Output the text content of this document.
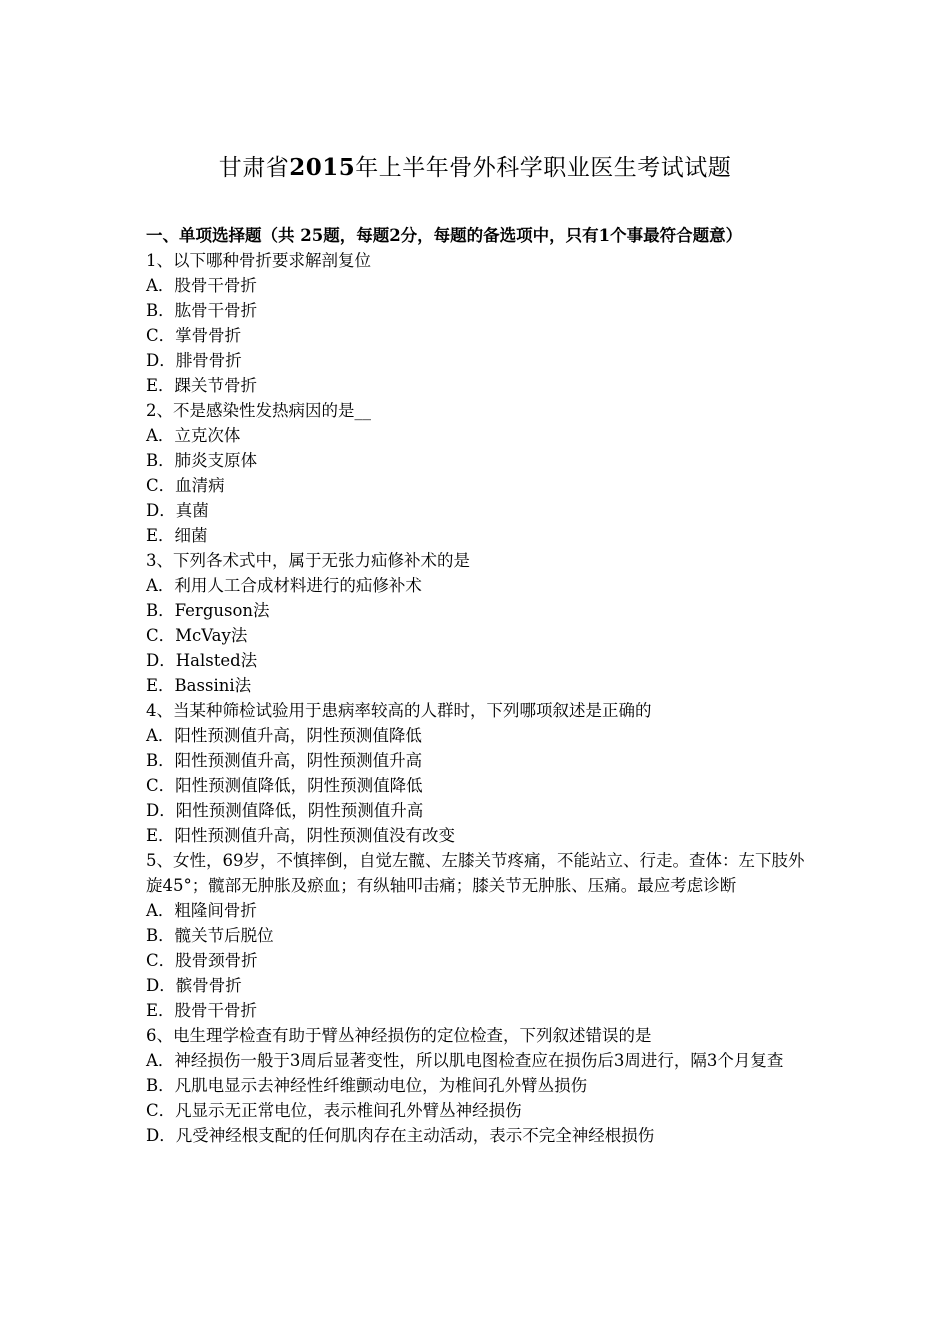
甘肃省2015年上半年骨外科学职业医生考试试题

一、单项选择题（共 25题，每题2分，每题的备选项中，只有1个事最符合题意）

1、以下哪种骨折要求解剖复位

A．股骨干骨折

B．肱骨干骨折

C．掌骨骨折

D．腓骨骨折

E．踝关节骨折

2、不是感染性发热病因的是__

A．立克次体

B．肺炎支原体

C．血清病

D．真菌

E．细菌

3、下列各术式中，属于无张力疝修补术的是

A．利用人工合成材料进行的疝修补术

B．Ferguson法

C．McVay法

D．Halsted法

E．Bassini法

4、当某种筛检试验用于患病率较高的人群时，下列哪项叙述是正确的

A．阳性预测值升高，阴性预测值降低

B．阳性预测值升高，阴性预测值升高

C．阳性预测值降低，阴性预测值降低

D．阳性预测值降低，阴性预测值升高

E．阳性预测值升高，阴性预测值没有改变

5、女性，69岁，不慎摔倒，自觉左髋、左膝关节疼痛，不能站立、行走。查体：左下肢外旋45°；髋部无肿胀及瘀血；有纵轴叩击痛；膝关节无肿胀、压痛。最应考虑诊断

A．粗隆间骨折

B．髋关节后脱位

C．股骨颈骨折

D．髌骨骨折

E．股骨干骨折

6、电生理学检查有助于臂丛神经损伤的定位检查，下列叙述错误的是

A．神经损伤一般于3周后显著变性，所以肌电图检查应在损伤后3周进行，隔3个月复查

B．凡肌电显示去神经性纤维颤动电位，为椎间孔外臂丛损伤

C．凡显示无正常电位，表示椎间孔外臂丛神经损伤

D．凡受神经根支配的任何肌肉存在主动活动，表示不完全神经根损伤
